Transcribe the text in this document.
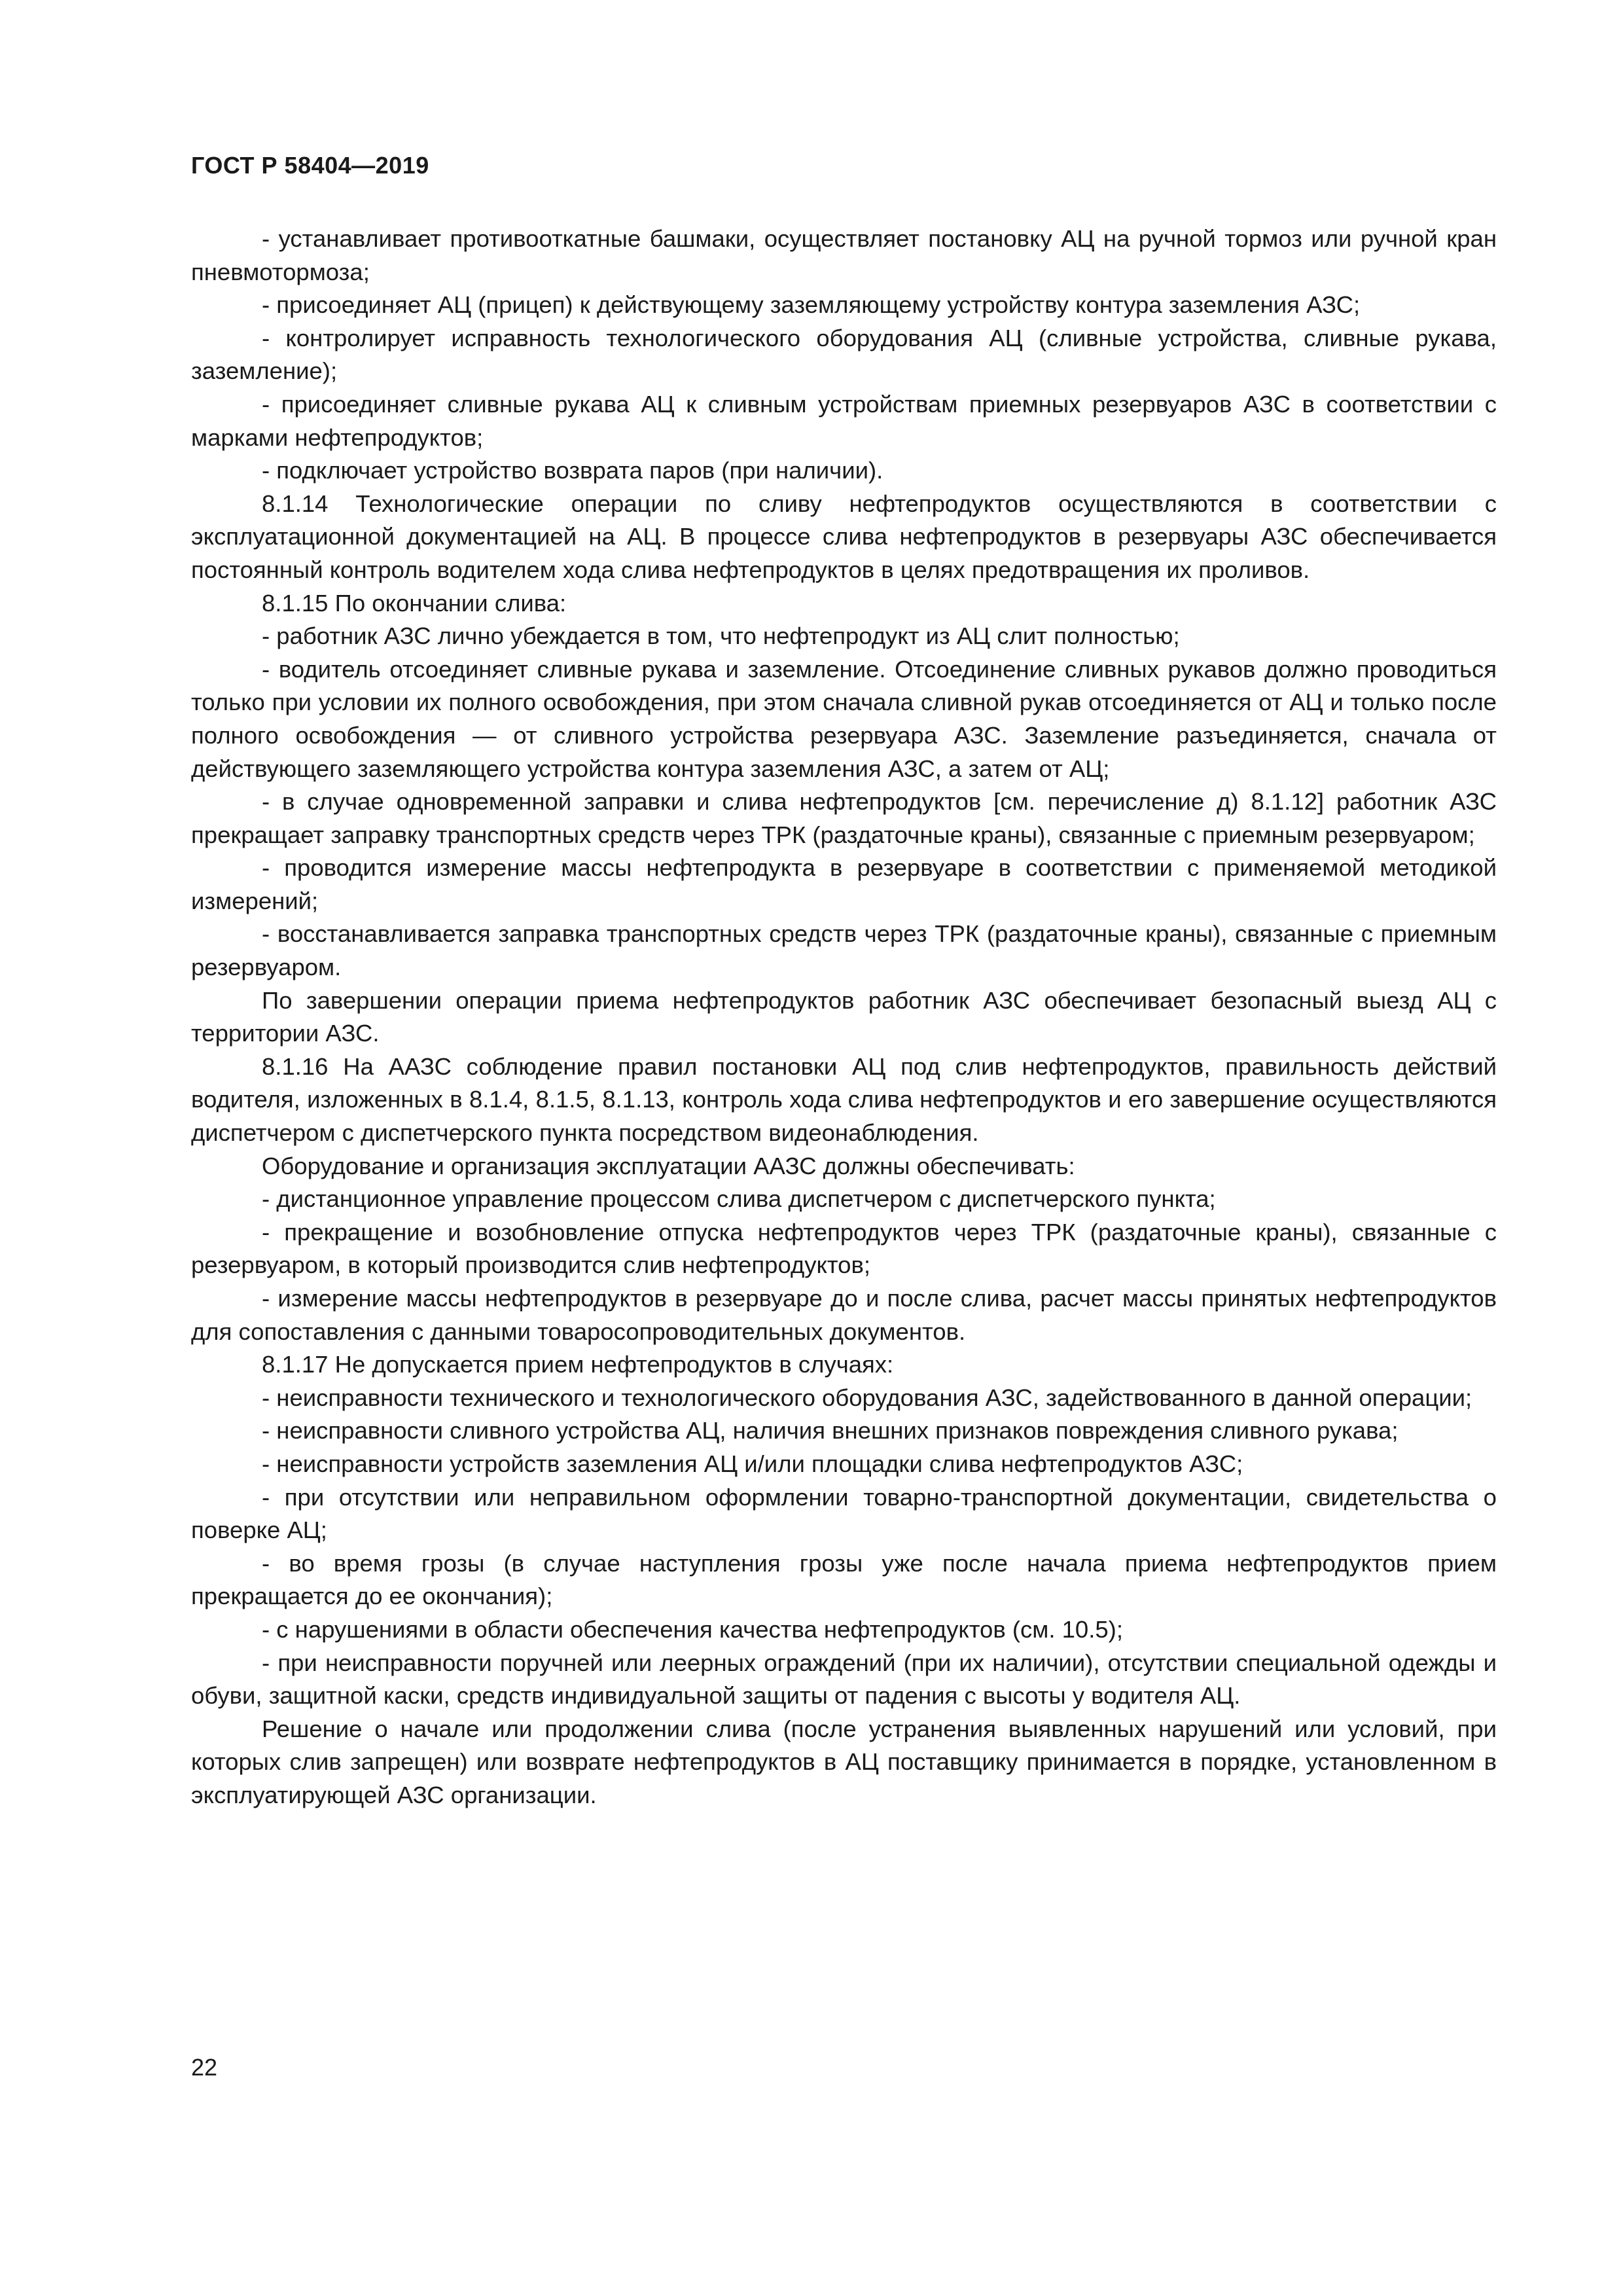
ГОСТ Р 58404—2019

- устанавливает противооткатные башмаки, осуществляет постановку АЦ на ручной тормоз или ручной кран пневмотормоза;

- присоединяет АЦ (прицеп) к действующему заземляющему устройству контура заземления АЗС;

- контролирует исправность технологического оборудования АЦ (сливные устройства, сливные рукава, заземление);

- присоединяет сливные рукава АЦ к сливным устройствам приемных резервуаров АЗС в соответствии с марками нефтепродуктов;

- подключает устройство возврата паров (при наличии).

8.1.14 Технологические операции по сливу нефтепродуктов осуществляются в соответствии с эксплуатационной документацией на АЦ. В процессе слива нефтепродуктов в резервуары АЗС обеспечивается постоянный контроль водителем хода слива нефтепродуктов в целях предотвращения их проливов.

8.1.15 По окончании слива:

- работник АЗС лично убеждается в том, что нефтепродукт из АЦ слит полностью;

- водитель отсоединяет сливные рукава и заземление. Отсоединение сливных рукавов должно проводиться только при условии их полного освобождения, при этом сначала сливной рукав отсоединяется от АЦ и только после полного освобождения — от сливного устройства резервуара АЗС. Заземление разъединяется, сначала от действующего заземляющего устройства контура заземления АЗС, а затем от АЦ;

- в случае одновременной заправки и слива нефтепродуктов [см. перечисление д) 8.1.12] работник АЗС прекращает заправку транспортных средств через ТРК (раздаточные краны), связанные с приемным резервуаром;

- проводится измерение массы нефтепродукта в резервуаре в соответствии с применяемой методикой измерений;

- восстанавливается заправка транспортных средств через ТРК (раздаточные краны), связанные с приемным резервуаром.

По завершении операции приема нефтепродуктов работник АЗС обеспечивает безопасный выезд АЦ с территории АЗС.

8.1.16 На ААЗС соблюдение правил постановки АЦ под слив нефтепродуктов, правильность действий водителя, изложенных в 8.1.4, 8.1.5, 8.1.13, контроль хода слива нефтепродуктов и его завершение осуществляются диспетчером с диспетчерского пункта посредством видеонаблюдения.

Оборудование и организация эксплуатации ААЗС должны обеспечивать:

- дистанционное управление процессом слива диспетчером с диспетчерского пункта;

- прекращение и возобновление отпуска нефтепродуктов через ТРК (раздаточные краны), связанные с резервуаром, в который производится слив нефтепродуктов;

- измерение массы нефтепродуктов в резервуаре до и после слива, расчет массы принятых нефтепродуктов для сопоставления с данными товаросопроводительных документов.

8.1.17 Не допускается прием нефтепродуктов в случаях:

- неисправности технического и технологического оборудования АЗС, задействованного в данной операции;

- неисправности сливного устройства АЦ, наличия внешних признаков повреждения сливного рукава;

- неисправности устройств заземления АЦ и/или площадки слива нефтепродуктов АЗС;

- при отсутствии или неправильном оформлении товарно-транспортной документации, свидетельства о поверке АЦ;

- во время грозы (в случае наступления грозы уже после начала приема нефтепродуктов прием прекращается до ее окончания);

- с нарушениями в области обеспечения качества нефтепродуктов (см. 10.5);

- при неисправности поручней или леерных ограждений (при их наличии), отсутствии специальной одежды и обуви, защитной каски, средств индивидуальной защиты от падения с высоты у водителя АЦ.

Решение о начале или продолжении слива (после устранения выявленных нарушений или условий, при которых слив запрещен) или возврате нефтепродуктов в АЦ поставщику принимается в порядке, установленном в эксплуатирующей АЗС организации.

22
